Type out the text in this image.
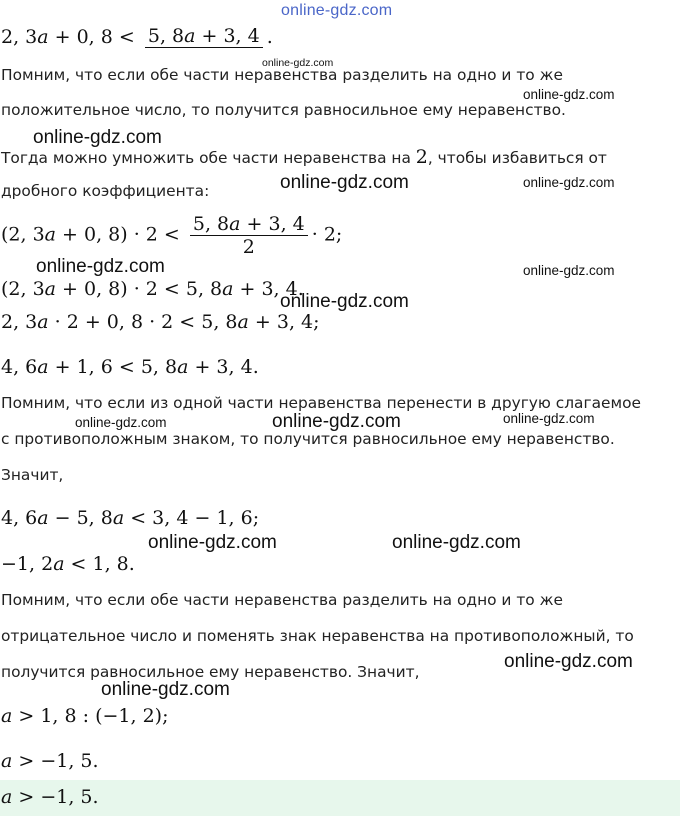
online-gdz.com
2, 3a + 0, 8 < 5, 8a + 3, 4 .
online-gdz.com
Помним, что если обе части неравенства разделить на одно и то же
online-gdz.com
положительное число, то получится равносильное ему неравенство.
online-gdz.com
Тогда можно умножить обе части неравенства на 2, чтобы избавиться от
online-gdz.com	online-gdz.com
дробного коэффициента:
(2, 3a + 0, $8) \cdot 2 < \frac{5, 8a + 3, 4}{2} \cdot 2$;
online-gdz.com	online-gdz.com
(2, 3a + 0, 8) · 2 < 5, 8a + 3, 4.
online-gdz.com
2, 3a · 2 + 0, 8 · 2 < 5, 8a + 3, 4;
4, 6a + 1, 6 < 5, 8a + 3, 4.
Помним, что если из одной части неравенства перенести в другую слагаемое
online-gdz.com	online-gdz.com	online-gdz.com
с противоположным знаком, то получится равносильное ему неравенство.
Значит,
4, 6a − 5, 8a < 3, 4 − 1, 6;
online-gdz.com	online-gdz.com
−1, 2a < 1, 8.
Помним, что если обе части неравенства разделить на одно и то же
отрицательное число и поменять знак неравенства на противоположный, то
online-gdz.com
получится равносильное ему неравенство. Значит,
online-gdz.com
a > 1, 8 : (−1, 2);
a > −1, 5.
a > −1, 5.
